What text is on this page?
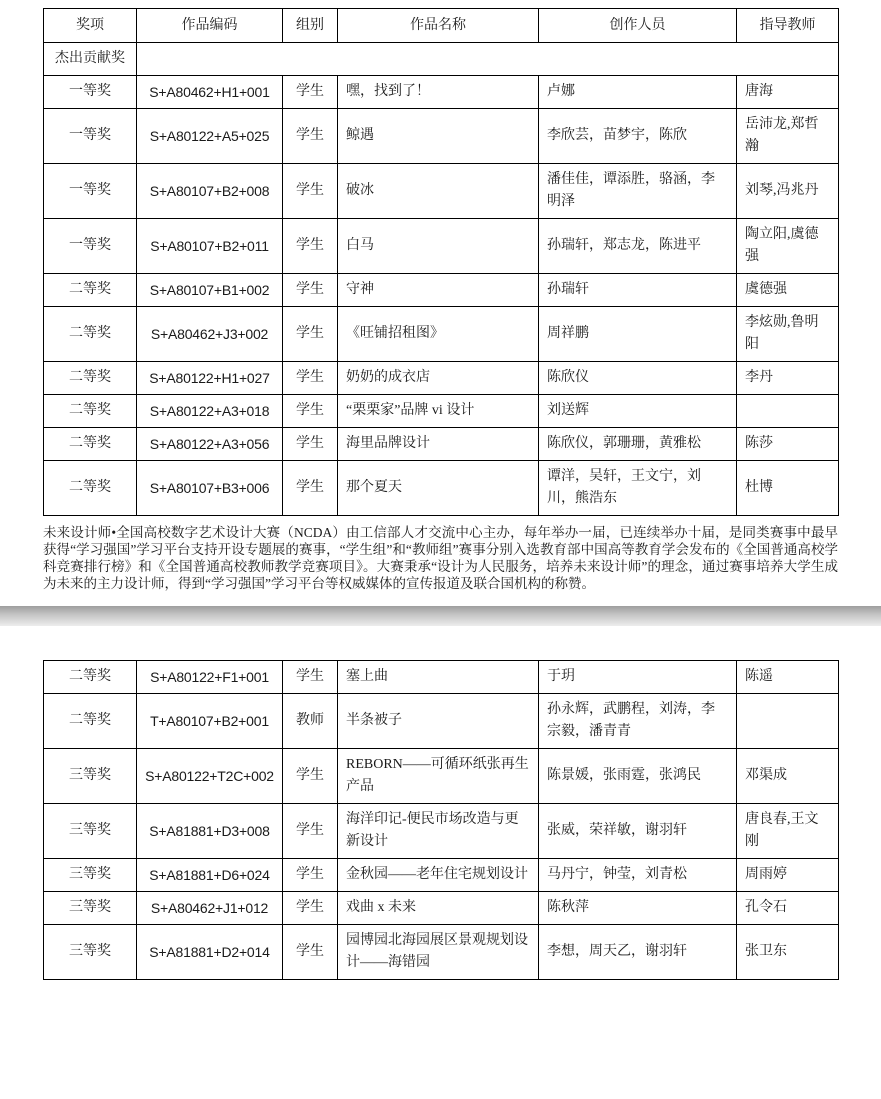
奖项	作品编码	组别	作品名称	创作人员	指导教师
杰出贡献奖					
一等奖	S+A80462+H1+001	学生	嘿，找到了！	卢娜	唐海
一等奖	S+A80122+A5+025	学生	鲸遇	李欣芸，苗梦宇，陈欣	岳沛龙,郑哲瀚
一等奖	S+A80107+B2+008	学生	破冰	潘佳佳，谭添胜，骆涵，李明泽	刘琴,冯兆丹
一等奖	S+A80107+B2+011	学生	白马	孙瑞轩，郑志龙，陈进平	陶立阳,虞德强
二等奖	S+A80107+B1+002	学生	守神	孙瑞轩	虞德强
二等奖	S+A80462+J3+002	学生	《旺铺招租图》	周祥鹏	李炫勋,鲁明阳
二等奖	S+A80122+H1+027	学生	奶奶的成衣店	陈欣仪	李丹
二等奖	S+A80122+A3+018	学生	“栗栗家”品牌 vi 设计	刘送辉	
二等奖	S+A80122+A3+056	学生	海里品牌设计	陈欣仪，郭珊珊，黄雅松	陈莎
二等奖	S+A80107+B3+006	学生	那个夏天	谭洋，吴轩，王文宁，刘川，熊浩东	杜博

未来设计师•全国高校数字艺术设计大赛（NCDA）由工信部人才交流中心主办，每年举办一届，已连续举办十届，是同类赛事中最早获得“学习强国”学习平台支持开设专题展的赛事，“学生组”和“教师组”赛事分别入选教育部中国高等教育学会发布的《全国普通高校学科竞赛排行榜》和《全国普通高校教师教学竞赛项目》。大赛秉承“设计为人民服务，培养未来设计师”的理念，通过赛事培养大学生成为未来的主力设计师，得到“学习强国”学习平台等权威媒体的宣传报道及联合国机构的称赞。

二等奖	S+A80122+F1+001	学生	塞上曲	于玥	陈遥
二等奖	T+A80107+B2+001	教师	半条被子	孙永辉，武鹏程，刘涛，李宗毅，潘青青	
三等奖	S+A80122+T2C+002	学生	REBORN——可循环纸张再生产品	陈景媛，张雨霆，张鸿民	邓渠成
三等奖	S+A81881+D3+008	学生	海洋印记-便民市场改造与更新设计	张威，荣祥敏，谢羽轩	唐良春,王文刚
三等奖	S+A81881+D6+024	学生	金秋园——老年住宅规划设计	马丹宁，钟莹，刘青松	周雨婷
三等奖	S+A80462+J1+012	学生	戏曲 x 未来	陈秋萍	孔令石
三等奖	S+A81881+D2+014	学生	园博园北海园展区景观规划设计——海错园	李想，周天乙，谢羽轩	张卫东
